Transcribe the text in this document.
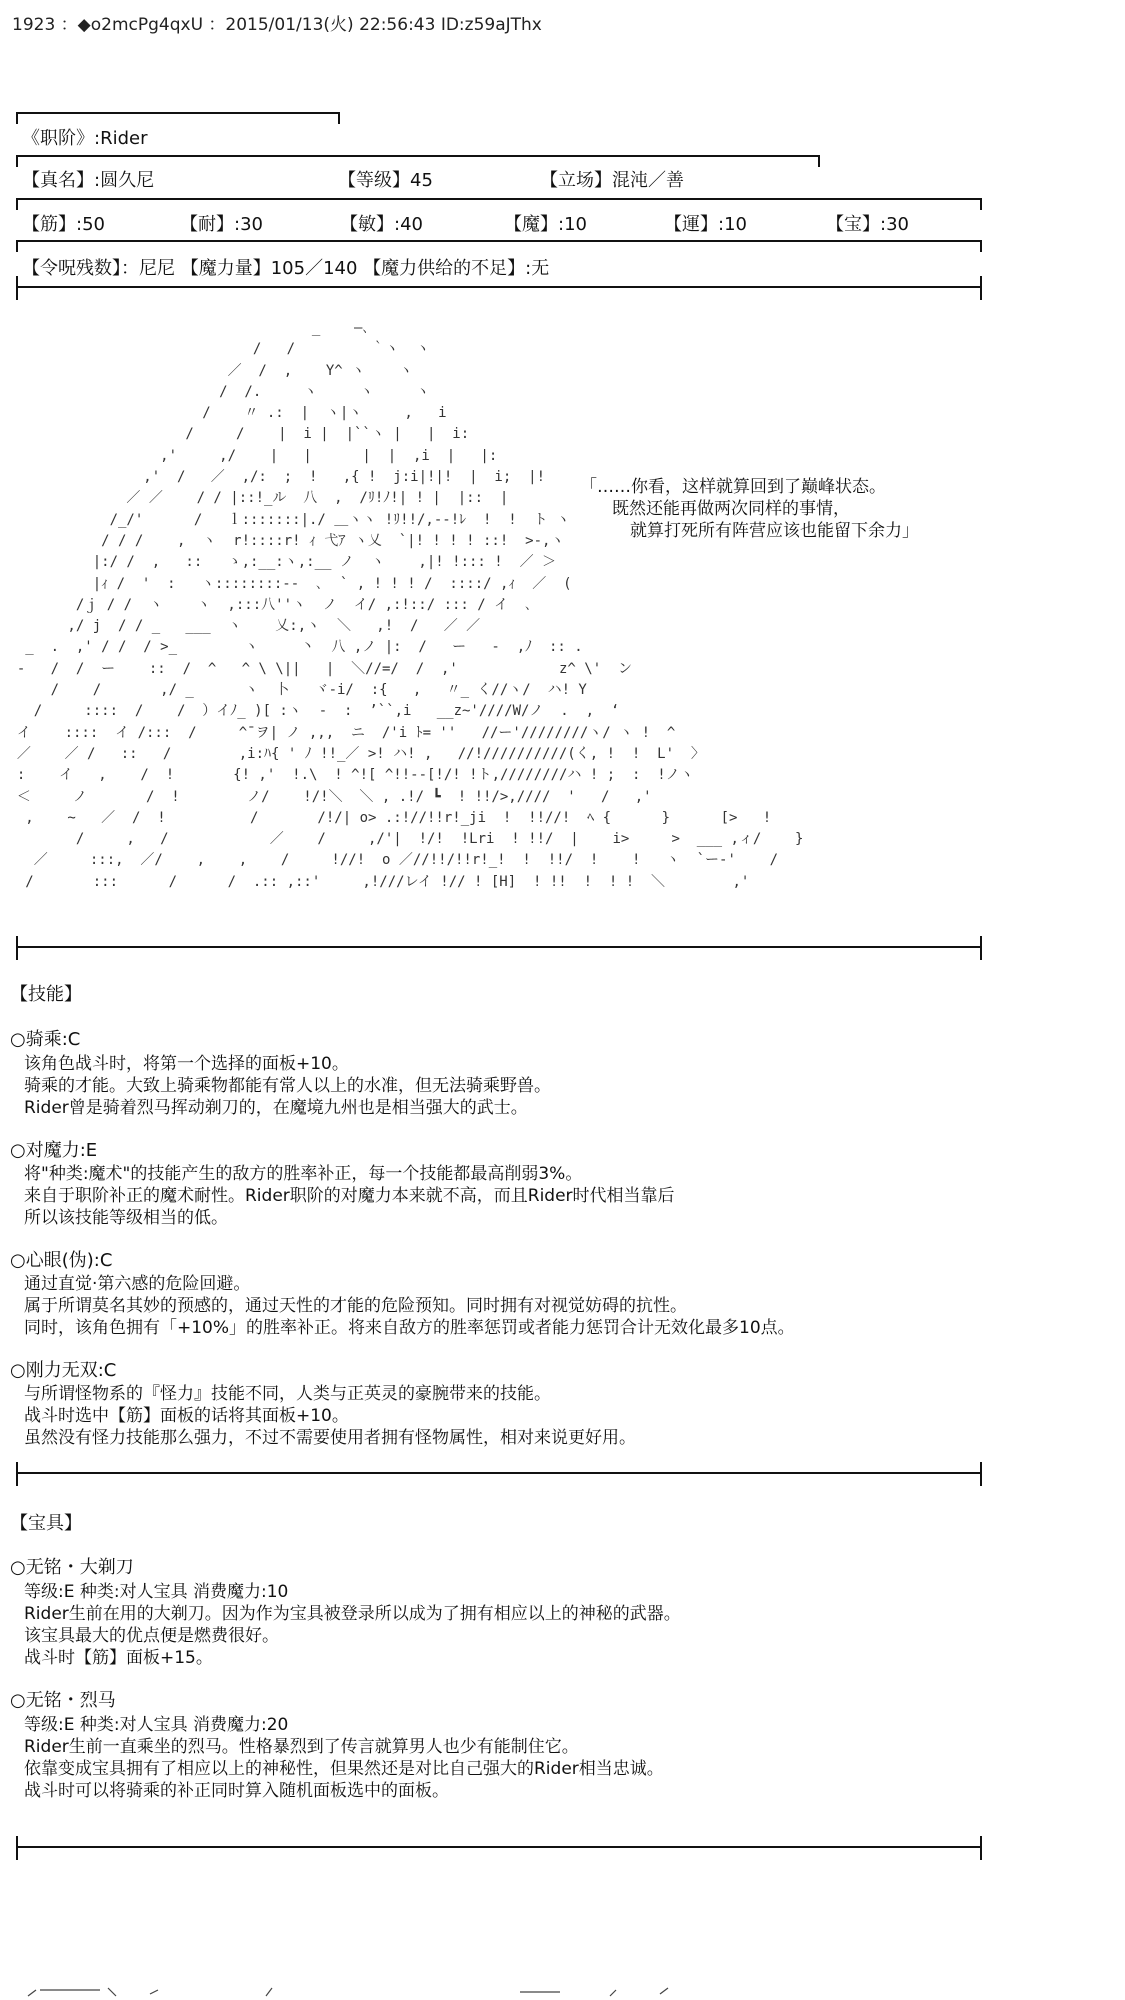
1923 ：◆o2mcPg4qxU ：2015/01/13(火) 22:56:43 ID:z59aJThx
《职阶》:Rider
【真名】:圆久尼	【等级】45	【立场】混沌／善
【筋】:50	【耐】:30	【敏】:40	【魔】:10	【運】:10	【宝】:30
【令呪残数】：尼尼 【魔力量】105／140 【魔力供给的不足】:无
_    ―､
/   /         ｀ヽ  ヽ
／  /  ,    Y^ ヽ    ヽ
/  /.     ヽ     ヽ     ヽ
/    〃 .:  |  ヽ|ヽ     ,   i
/     /    |  i |  |``ヽ |   |  i:
,'     ,/    |   |      |  |  ,i  |   |:
,'  /   ／  ,/:  ;  !   ,{ !  j:i|!|!  |  i;  |!
／ ／    / / |::!_ル  八  ,  /ﾘ!ﾉ!| ! |  |::  |
/_/'      /   ｌ:::::::|./ ＿ヽヽ !ﾘ!!/,--!ﾚ  !  !  ト ヽ
/ / /    ,  ヽ  r!::::r! ｨ 弋ｱ ヽ乂  `|! ! ! ! ::!  >-,ヽ
|:/ /  ,   ::   ゝ,:__:ヽ,:__ ノ  ヽ    ,|! !::: !  ／ ＞
|ｨ /  '  :   ヽ::::::::--  ､  ` , ! ! ! /  ::::/ ,ｨ  ／  (
/ｊ / /  ヽ    ヽ  ,:::八''ヽ  ノ  イ/ ,:!::/ ::: / イ  ､
,/ j  / / _   ___  ヽ    乂:,ヽ  ＼   ,!  /   ／ ／
_  .  ,' / /  / >_        ヽ     丶  八 ,ノ |:  /   ー   -  ,ﾉ  :: .
-   /  /  ー    ::  /  ^   ^ \ \||   |  ＼//=/  /  ,'            z^ \'  ン
/    /       ,/ _      ヽ  卜   ヾ-i/  :{   ,   〃_ く//ヽ/  ハ! Y
/     ::::  /    /  ）イﾉ_ )[ :ヽ  -  :  ’``,i   __z~'////W/ノ  .  ,  ‘
イ    ::::  イ /:::  /     ^¯ヲ| ノ ,,,  ニ  /'i ﾄ= ''   //ー'////////ヽ/ ヽ !  ^
／    ／ /   ::   /        ,i:ﾊ{ ' ﾉ !!_／ >! ハ! ,   //!//////////(く, !  !  L'  〉
:    イ   ,    /  !       {! ,'  !.\  ! ^![ ^!!--[!/! !ト,////////ハ ! ;  :  !ノヽ
＜     ノ       /  !        ノ/    !/!＼  ＼ , .!/ ┗  ! !!/>,////  '   /   ,'
,    ~   ／  /  !          /       /!/| o> .:!//!!r!_ji  !  !!//!  ﾍ {      }      [>   !
/     ,   /            ／    /     ,/'|  !/!  !Lri  ! !!/  |    i>     >  ___ ,ィ/    }
／     :::,  ／/    ,    ,    /     !//!  o ／//!!/!!r!_!  !  !!/  !    !   ヽ  `ー-'    /
/       :::      /      /  .:: ,::'     ,!///レイ !// ! [H]  ! !!  !  ! !  ＼        ,'
「……你看，这样就算回到了巅峰状态。
既然还能再做两次同样的事情，
就算打死所有阵营应该也能留下余力」
【技能】
○骑乘:C
该角色战斗时，将第一个选择的面板+10。
骑乘的才能。大致上骑乘物都能有常人以上的水准，但无法骑乘野兽。
Rider曾是骑着烈马挥动剃刀的，在魔境九州也是相当强大的武士。
○对魔力:E
将"种类:魔术"的技能产生的敌方的胜率补正，每一个技能都最高削弱3%。
来自于职阶补正的魔术耐性。Rider职阶的对魔力本来就不高，而且Rider时代相当靠后
所以该技能等级相当的低。
○心眼(伪):C
通过直觉·第六感的危险回避。
属于所谓莫名其妙的预感的，通过天性的才能的危险预知。同时拥有对视觉妨碍的抗性。
同时，该角色拥有「+10%」的胜率补正。将来自敌方的胜率惩罚或者能力惩罚合计无效化最多10点。
○刚力无双:C
与所谓怪物系的『怪力』技能不同，人类与正英灵的豪腕带来的技能。
战斗时选中【筋】面板的话将其面板+10。
虽然没有怪力技能那么强力，不过不需要使用者拥有怪物属性，相对来说更好用。
【宝具】
○无铭・大剃刀
等级:E 种类:对人宝具 消费魔力:10
Rider生前在用的大剃刀。因为作为宝具被登录所以成为了拥有相应以上的神秘的武器。
该宝具最大的优点便是燃费很好。
战斗时【筋】面板+15。
○无铭・烈马
等级:E 种类:对人宝具 消费魔力:20
Rider生前一直乘坐的烈马。性格暴烈到了传言就算男人也少有能制住它。
依靠变成宝具拥有了相应以上的神秘性，但果然还是对比自己强大的Rider相当忠诚。
战斗时可以将骑乘的补正同时算入随机面板选中的面板。
